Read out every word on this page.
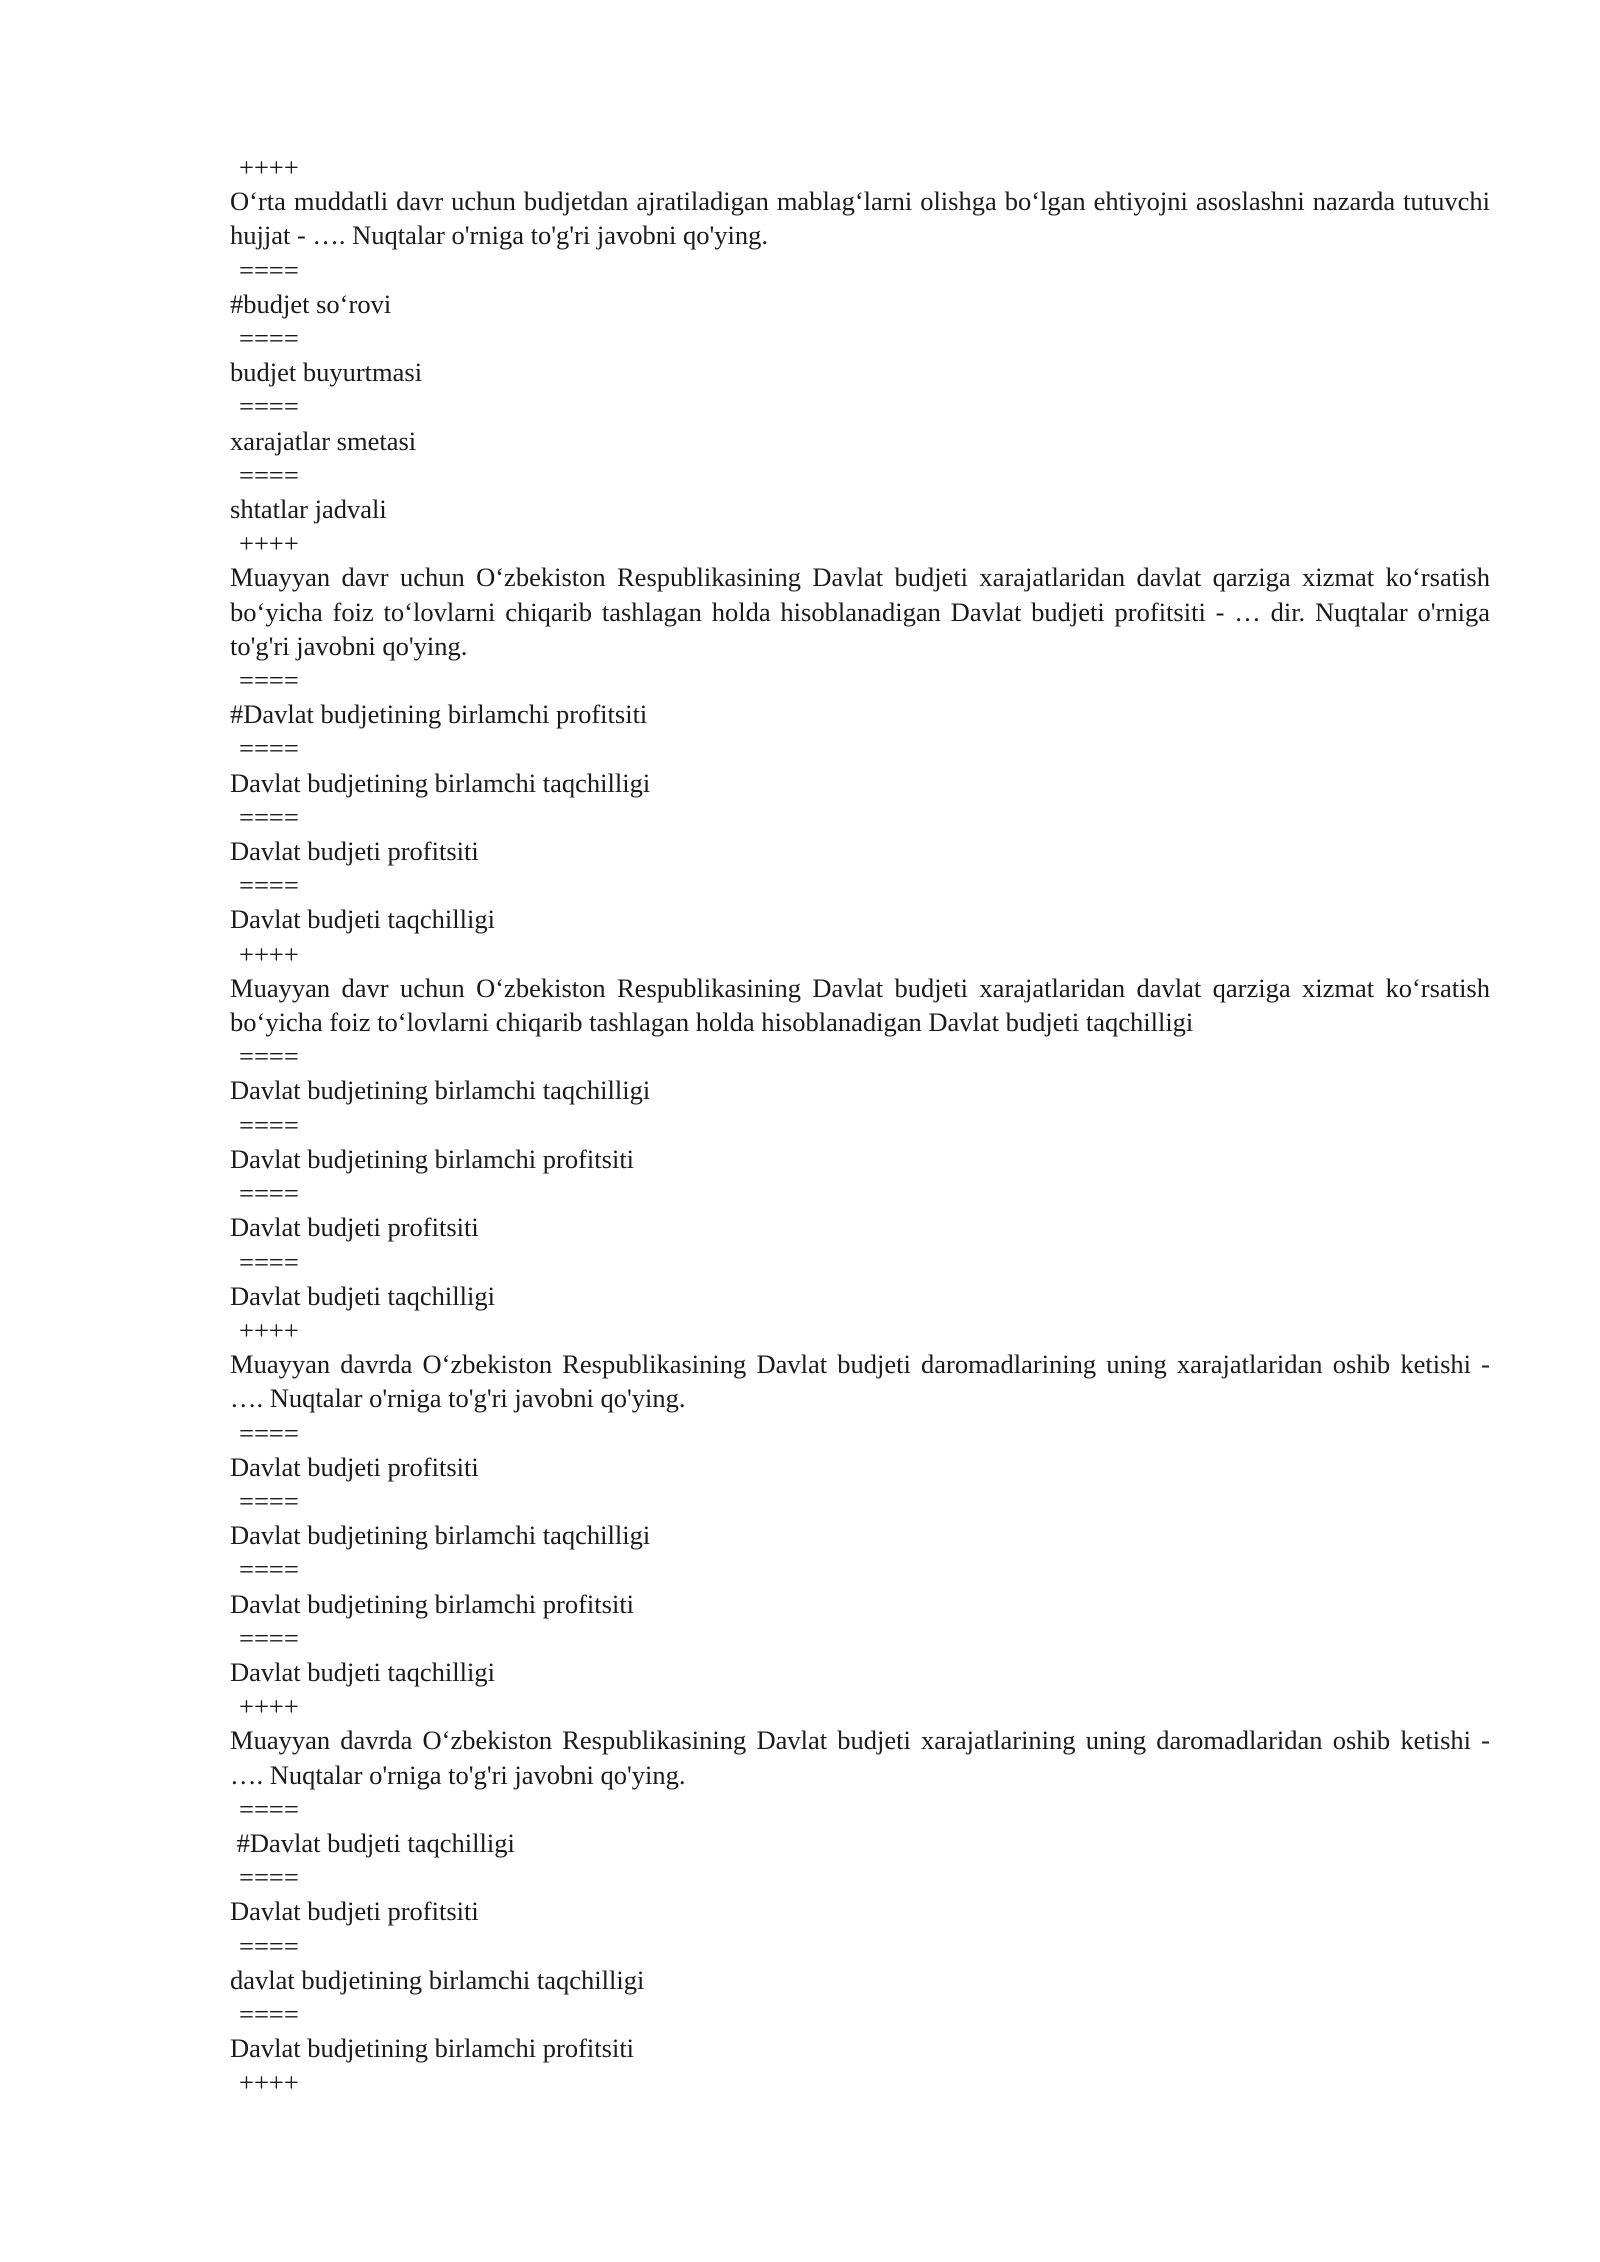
++++
O‘rta muddatli davr uchun budjetdan ajratiladigan mablag‘larni olishga bo‘lgan ehtiyojni asoslashni nazarda tutuvchi hujjat - …. Nuqtalar o'rniga to'g'ri javobni qo'ying.
====
#budjet so‘rovi
====
budjet buyurtmasi
====
xarajatlar smetasi
====
shtatlar jadvali
++++
Muayyan davr uchun O‘zbekiston Respublikasining Davlat budjeti xarajatlaridan davlat qarziga xizmat ko‘rsatish bo‘yicha foiz to‘lovlarni chiqarib tashlagan holda hisoblanadigan Davlat budjeti profitsiti - … dir. Nuqtalar o'rniga to'g'ri javobni qo'ying.
====
#Davlat budjetining birlamchi profitsiti
====
Davlat budjetining birlamchi taqchilligi
====
Davlat budjeti profitsiti
====
Davlat budjeti taqchilligi
++++
Muayyan davr uchun O‘zbekiston Respublikasining Davlat budjeti xarajatlaridan davlat qarziga xizmat ko‘rsatish bo‘yicha foiz to‘lovlarni chiqarib tashlagan holda hisoblanadigan Davlat budjeti taqchilligi
====
Davlat budjetining birlamchi taqchilligi
====
Davlat budjetining birlamchi profitsiti
====
Davlat budjeti profitsiti
====
Davlat budjeti taqchilligi
++++
Muayyan davrda O‘zbekiston Respublikasining Davlat budjeti daromadlarining uning xarajatlaridan oshib ketishi - …. Nuqtalar o'rniga to'g'ri javobni qo'ying.
====
Davlat budjeti profitsiti
====
Davlat budjetining birlamchi taqchilligi
====
Davlat budjetining birlamchi profitsiti
====
Davlat budjeti taqchilligi
++++
Muayyan davrda O‘zbekiston Respublikasining Davlat budjeti xarajatlarining uning daromadlaridan oshib ketishi - …. Nuqtalar o'rniga to'g'ri javobni qo'ying.
====
#Davlat budjeti taqchilligi
====
Davlat budjeti profitsiti
====
davlat budjetining birlamchi taqchilligi
====
Davlat budjetining birlamchi profitsiti
++++
